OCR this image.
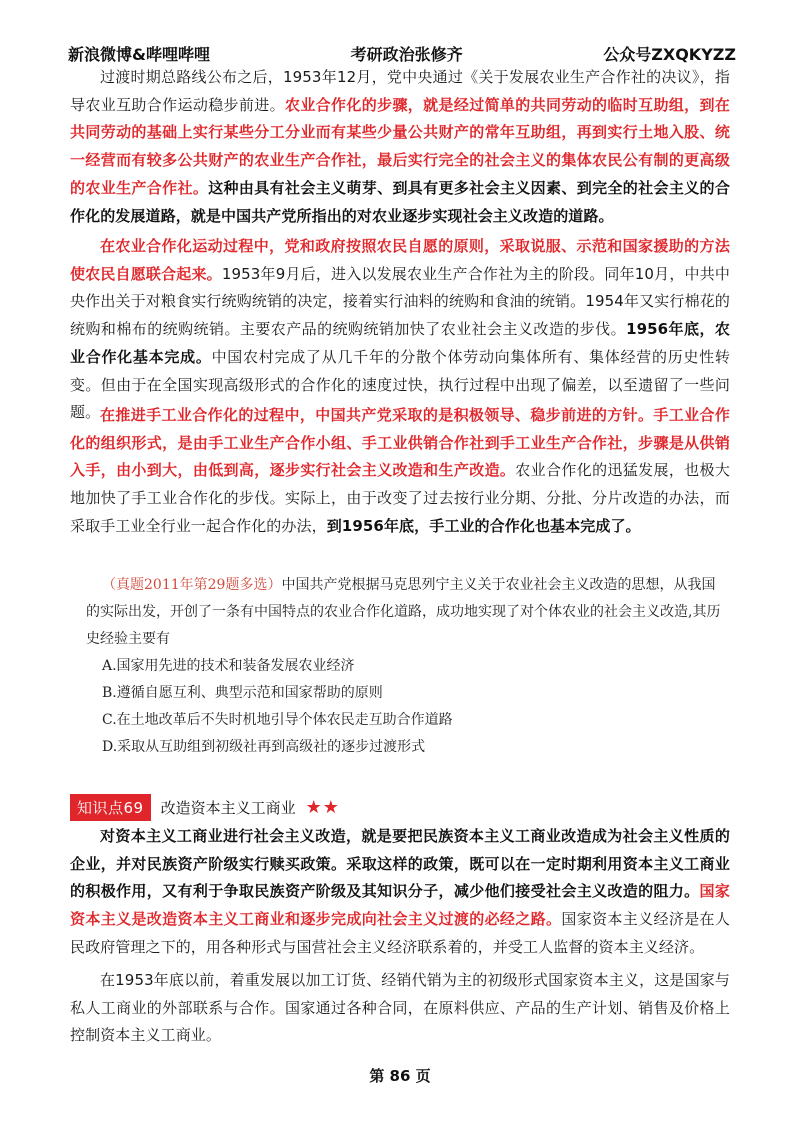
新浪微博&哔哩哔哩	考研政治张修齐	公众号ZXQKYZZ

过渡时期总路线公布之后，1953年12月，党中央通过《关于发展农业生产合作社的决议》，指导农业互助合作运动稳步前进。农业合作化的步骤，就是经过简单的共同劳动的临时互助组，到在共同劳动的基础上实行某些分工分业而有某些少量公共财产的常年互助组，再到实行土地入股、统一经营而有较多公共财产的农业生产合作社，最后实行完全的社会主义的集体农民公有制的更高级的农业生产合作社。这种由具有社会主义萌芽、到具有更多社会主义因素、到完全的社会主义的合作化的发展道路，就是中国共产党所指出的对农业逐步实现社会主义改造的道路。

在农业合作化运动过程中，党和政府按照农民自愿的原则，采取说服、示范和国家援助的方法使农民自愿联合起来。1953年9月后，进入以发展农业生产合作社为主的阶段。同年10月，中共中央作出关于对粮食实行统购统销的决定，接着实行油料的统购和食油的统销。1954年又实行棉花的统购和棉布的统购统销。主要农产品的统购统销加快了农业社会主义改造的步伐。1956年底，农业合作化基本完成。中国农村完成了从几千年的分散个体劳动向集体所有、集体经营的历史性转变。但由于在全国实现高级形式的合作化的速度过快，执行过程中出现了偏差，以至遗留了一些问题。 在推进手工业合作化的过程中，中国共产党采取的是积极领导、稳步前进的方针。手工业合作化的组织形式，是由手工业生产合作小组、手工业供销合作社到手工业生产合作社，步骤是从供销入手，由小到大，由低到高，逐步实行社会主义改造和生产改造。农业合作化的迅猛发展，也极大地加快了手工业合作化的步伐。实际上，由于改变了过去按行业分期、分批、分片改造的办法，而采取手工业全行业一起合作化的办法，到1956年底，手工业的合作化也基本完成了。

（真题2011年第29题多选）中国共产党根据马克思列宁主义关于农业社会主义改造的思想，从我国的实际出发，开创了一条有中国特点的农业合作化道路，成功地实现了对个体农业的社会主义改造,其历史经验主要有

A.国家用先进的技术和装备发展农业经济

B.遵循自愿互利、典型示范和国家帮助的原则

C.在土地改革后不失时机地引导个体农民走互助合作道路

D.采取从互助组到初级社再到高级社的逐步过渡形式

知识点69	改造资本主义工商业 ★★

对资本主义工商业进行社会主义改造，就是要把民族资本主义工商业改造成为社会主义性质的企业，并对民族资产阶级实行赎买政策。采取这样的政策，既可以在一定时期利用资本主义工商业的积极作用，又有利于争取民族资产阶级及其知识分子，减少他们接受社会主义改造的阻力。国家资本主义是改造资本主义工商业和逐步完成向社会主义过渡的必经之路。国家资本主义经济是在人民政府管理之下的，用各种形式与国营社会主义经济联系着的，并受工人监督的资本主义经济。

在1953年底以前，着重发展以加工订货、经销代销为主的初级形式国家资本主义，这是国家与私人工商业的外部联系与合作。国家通过各种合同，在原料供应、产品的生产计划、销售及价格上控制资本主义工商业。

第 86 页
